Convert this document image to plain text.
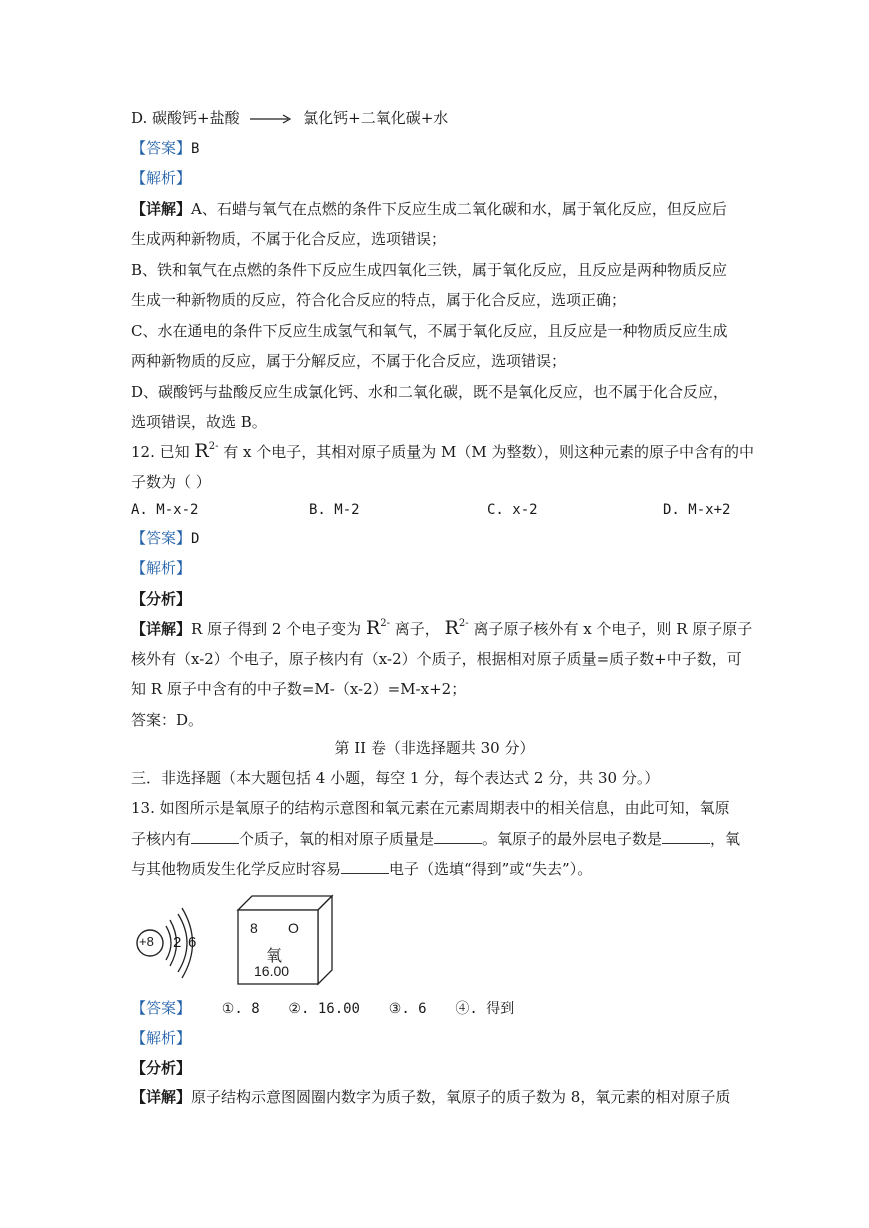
D. 碳酸钙+盐酸	氯化钙+二氧化碳+水
【答案】B
【解析】
【详解】A、石蜡与氧气在点燃的条件下反应生成二氧化碳和水，属于氧化反应，但反应后
生成两种新物质，不属于化合反应，选项错误；
B、铁和氧气在点燃的条件下反应生成四氧化三铁，属于氧化反应，且反应是两种物质反应
生成一种新物质的反应，符合化合反应的特点，属于化合反应，选项正确；
C、水在通电的条件下反应生成氢气和氧气，不属于氧化反应，且反应是一种物质反应生成
两种新物质的反应，属于分解反应，不属于化合反应，选项错误；
D、碳酸钙与盐酸反应生成氯化钙、水和二氧化碳，既不是氧化反应，也不属于化合反应，
选项错误，故选 B。
12. 已知 $R^{2-}$ 有 x 个电子，其相对原子质量为 M（M 为整数），则这种元素的原子中含有的中
子数为（ ）
A. M-x-2	B. M-2	C. x-2	D. M-x+2
【答案】D
【解析】
【分析】
【详解】R 原子得到 2 个电子变为 $R^{2-}$ 离子， $R^{2-}$ 离子原子核外有 x 个电子，则 R 原子原子
核外有（x-2）个电子，原子核内有（x-2）个质子，根据相对原子质量=质子数+中子数，可
知 R 原子中含有的中子数=M-（x-2）=M-x+2；
答案：D。
第 II 卷（非选择题共 30 分）
三．非选择题（本大题包括 4 小题，每空 1 分，每个表达式 2 分，共 30 分。）
13. 如图所示是氧原子的结构示意图和氧元素在元素周期表中的相关信息，由此可知，氧原
子核内有	个质子，氧的相对原子质量是	。氧原子的最外层电子数是	，氧
与其他物质发生化学反应时容易	电子（选填“得到”或“失去”）。
+8 2 6
8 O
氧
16.00
【答案】 ①. 8 ②. 16.00 ③. 6 ④. 得到
【解析】
【分析】
【详解】原子结构示意图圆圈内数字为质子数，氧原子的质子数为 8，氧元素的相对原子质
